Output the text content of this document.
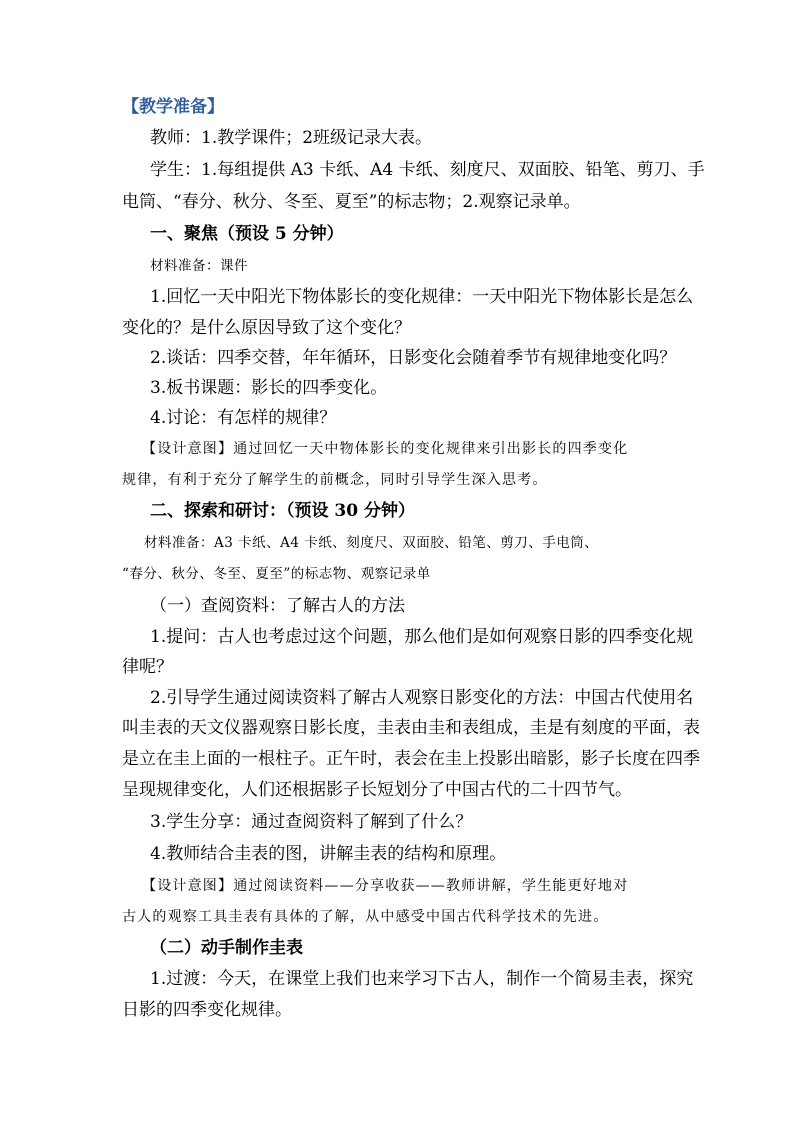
【教学准备】
教师：1.教学课件；2班级记录大表。
学生：1.每组提供 A3 卡纸、A4 卡纸、刻度尺、双面胶、铅笔、剪刀、手
电筒、“春分、秋分、冬至、夏至”的标志物；2.观察记录单。
一、聚焦（预设 5 分钟）
材料准备：课件
1.回忆一天中阳光下物体影长的变化规律：一天中阳光下物体影长是怎么
变化的？是什么原因导致了这个变化？
2.谈话：四季交替，年年循环，日影变化会随着季节有规律地变化吗？
3.板书课题：影长的四季变化。
4.讨论：有怎样的规律？
【设计意图】通过回忆一天中物体影长的变化规律来引出影长的四季变化
规律，有利于充分了解学生的前概念，同时引导学生深入思考。
二、探索和研讨：（预设 30 分钟）
材料准备：A3 卡纸、A4 卡纸、刻度尺、双面胶、铅笔、剪刀、手电筒、
“春分、秋分、冬至、夏至”的标志物、观察记录单
（一）查阅资料：了解古人的方法
1.提问：古人也考虑过这个问题，那么他们是如何观察日影的四季变化规
律呢？
2.引导学生通过阅读资料了解古人观察日影变化的方法：中国古代使用名
叫圭表的天文仪器观察日影长度，圭表由圭和表组成，圭是有刻度的平面，表
是立在圭上面的一根柱子。正午时，表会在圭上投影出暗影，影子长度在四季
呈现规律变化，人们还根据影子长短划分了中国古代的二十四节气。
3.学生分享：通过查阅资料了解到了什么？
4.教师结合圭表的图，讲解圭表的结构和原理。
【设计意图】通过阅读资料——分享收获——教师讲解，学生能更好地对
古人的观察工具圭表有具体的了解，从中感受中国古代科学技术的先进。
（二）动手制作圭表
1.过渡：今天，在课堂上我们也来学习下古人，制作一个简易圭表，探究
日影的四季变化规律。
